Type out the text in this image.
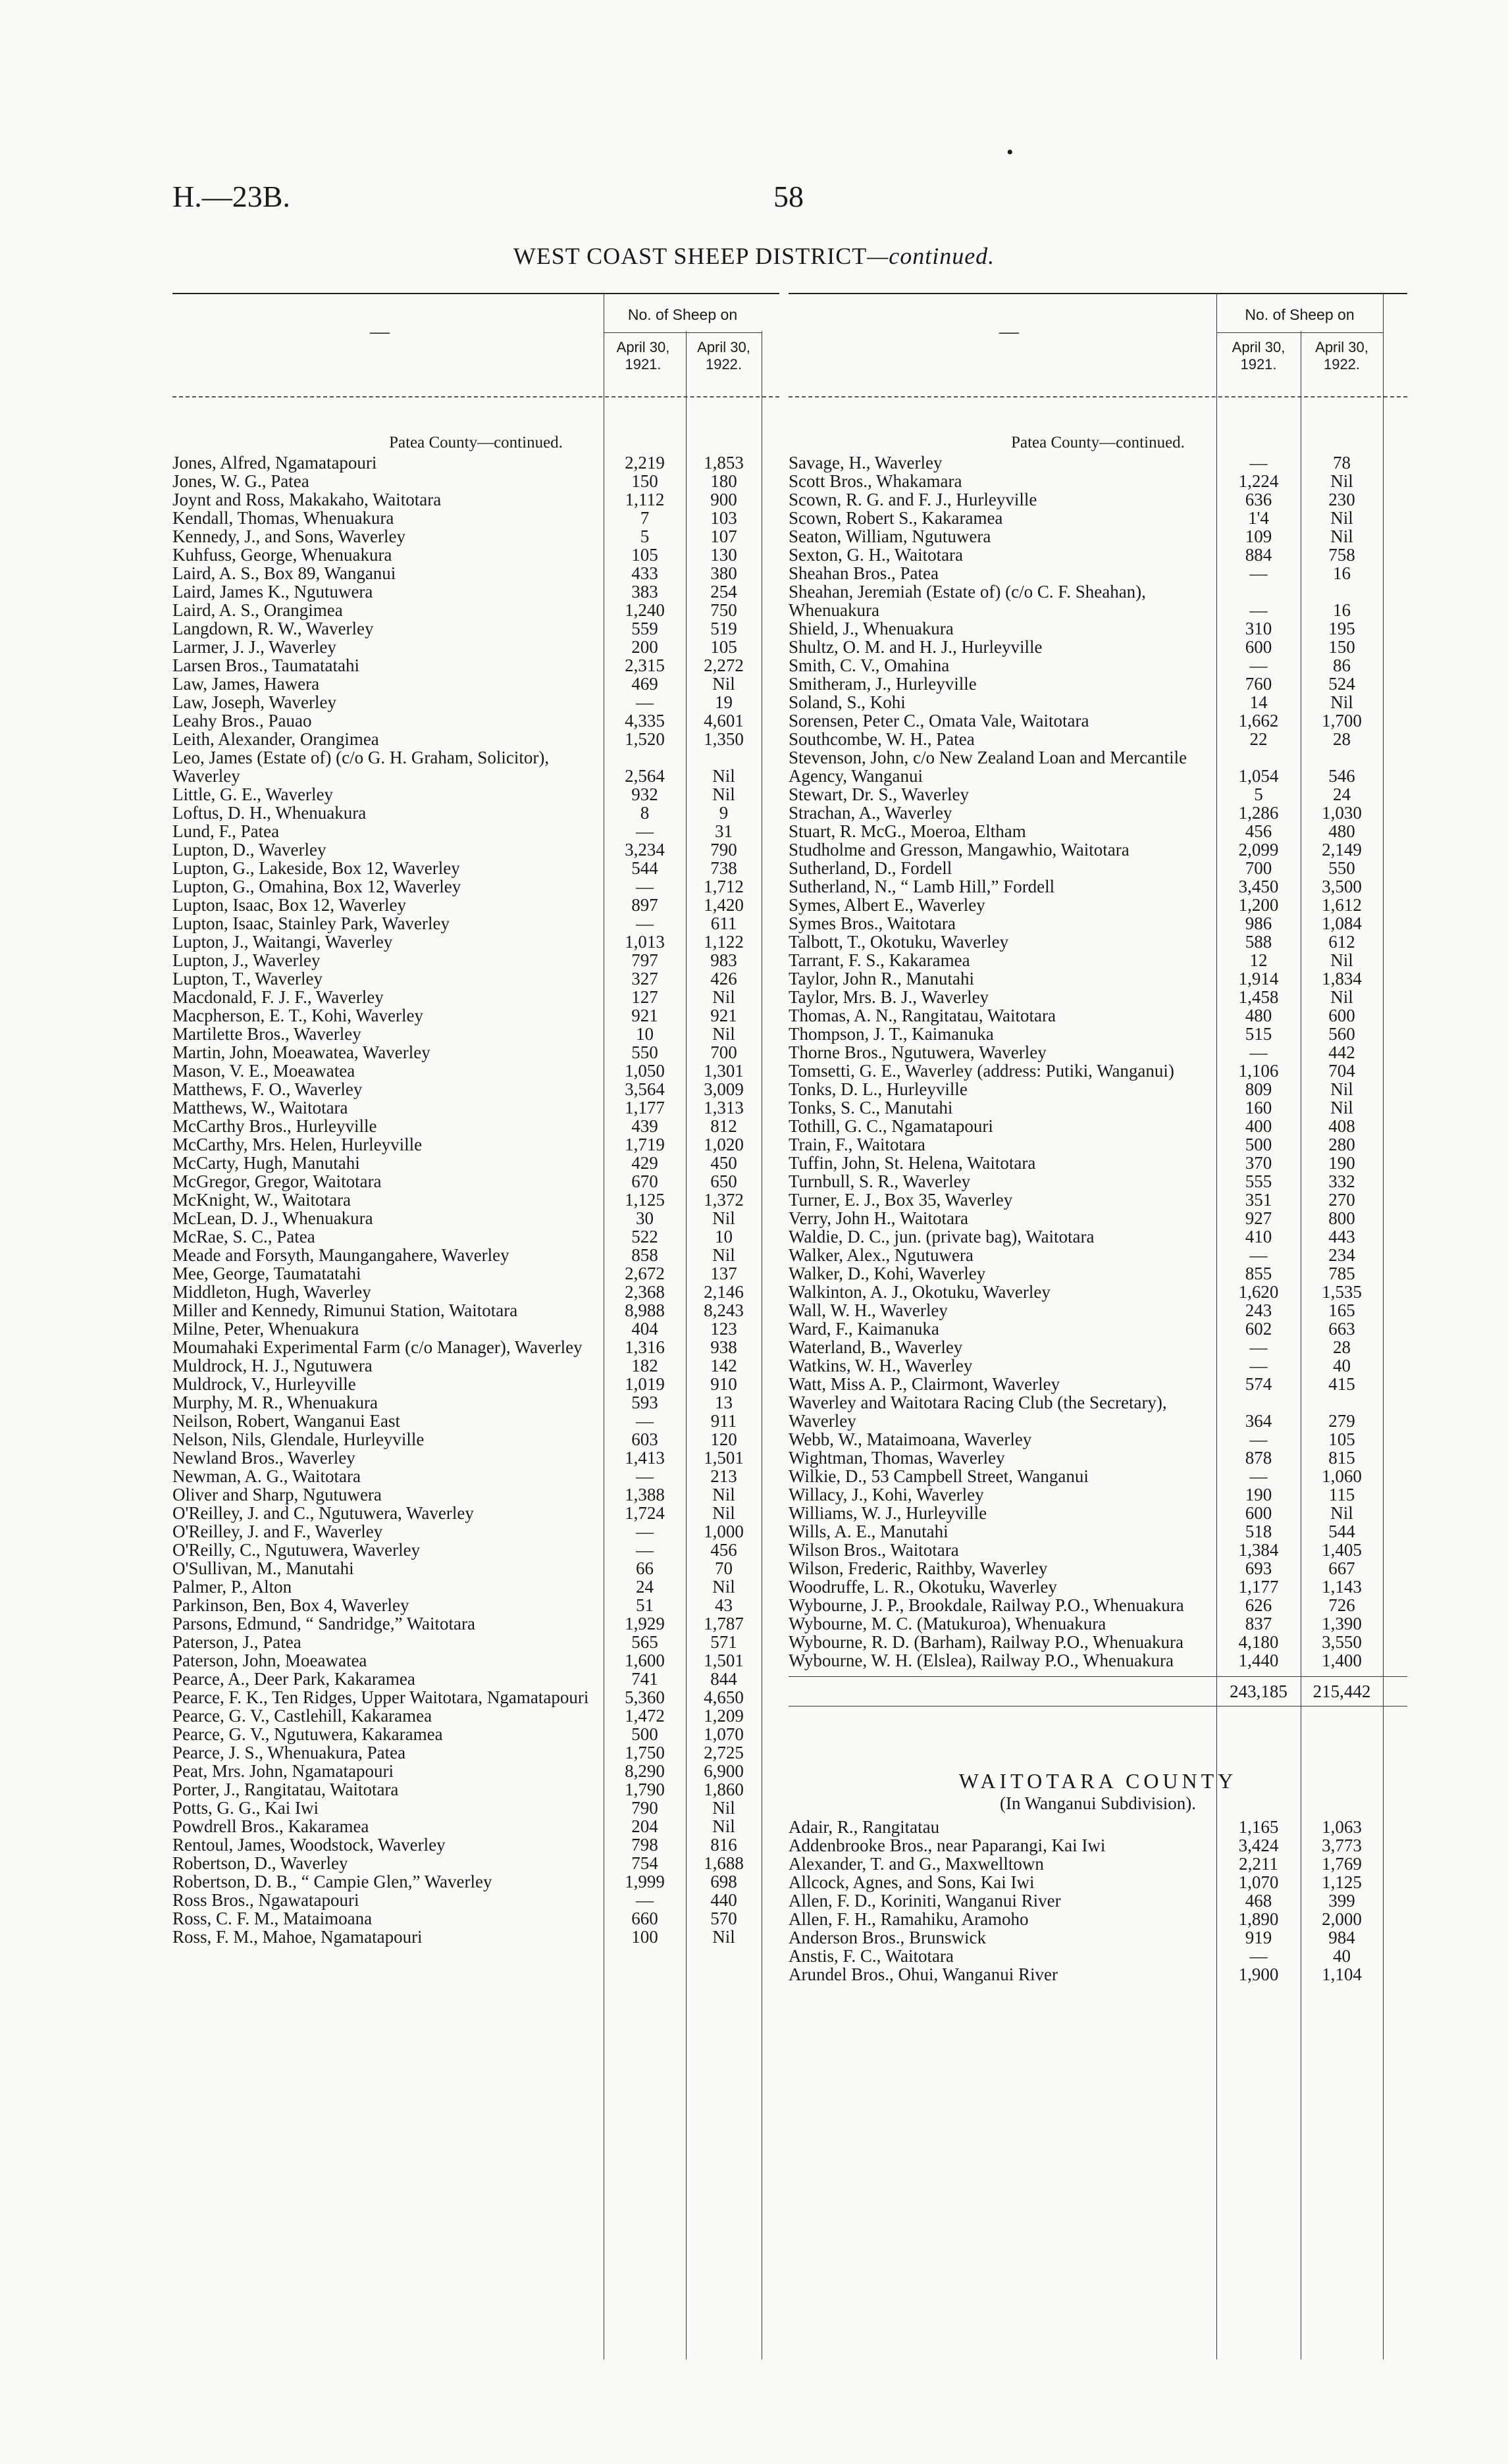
H.—23B.	58
•
WEST COAST SHEEP DISTRICT—continued.
—
No. of Sheep on
April 30, 1921.
April 30, 1922.
Patea County—continued.
Jones, Alfred, Ngamatapouri	2,219	1,853
Jones, W. G., Patea	150	180
Joynt and Ross, Makakaho, Waitotara	1,112	900
Kendall, Thomas, Whenuakura	7	103
Kennedy, J., and Sons, Waverley	5	107
Kuhfuss, George, Whenuakura	105	130
Laird, A. S., Box 89, Wanganui	433	380
Laird, James K., Ngutuwera	383	254
Laird, A. S., Orangimea	1,240	750
Langdown, R. W., Waverley	559	519
Larmer, J. J., Waverley	200	105
Larsen Bros., Taumatatahi	2,315	2,272
Law, James, Hawera	469	Nil
Law, Joseph, Waverley	—	19
Leahy Bros., Pauao	4,335	4,601
Leith, Alexander, Orangimea	1,520	1,350
Leo, James (Estate of) (c/o G. H. Graham, Solicitor), Waverley	2,564	Nil
Little, G. E., Waverley	932	Nil
Loftus, D. H., Whenuakura	8	9
Lund, F., Patea	—	31
Lupton, D., Waverley	3,234	790
Lupton, G., Lakeside, Box 12, Waverley	544	738
Lupton, G., Omahina, Box 12, Waverley	—	1,712
Lupton, Isaac, Box 12, Waverley	897	1,420
Lupton, Isaac, Stainley Park, Waverley	—	611
Lupton, J., Waitangi, Waverley	1,013	1,122
Lupton, J., Waverley	797	983
Lupton, T., Waverley	327	426
Macdonald, F. J. F., Waverley	127	Nil
Macpherson, E. T., Kohi, Waverley	921	921
Martilette Bros., Waverley	10	Nil
Martin, John, Moeawatea, Waverley	550	700
Mason, V. E., Moeawatea	1,050	1,301
Matthews, F. O., Waverley	3,564	3,009
Matthews, W., Waitotara	1,177	1,313
McCarthy Bros., Hurleyville	439	812
McCarthy, Mrs. Helen, Hurleyville	1,719	1,020
McCarty, Hugh, Manutahi	429	450
McGregor, Gregor, Waitotara	670	650
McKnight, W., Waitotara	1,125	1,372
McLean, D. J., Whenuakura	30	Nil
McRae, S. C., Patea	522	10
Meade and Forsyth, Maungangahere, Waverley	858	Nil
Mee, George, Taumatatahi	2,672	137
Middleton, Hugh, Waverley	2,368	2,146
Miller and Kennedy, Rimunui Station, Waitotara	8,988	8,243
Milne, Peter, Whenuakura	404	123
Moumahaki Experimental Farm (c/o Manager), Waverley	1,316	938
Muldrock, H. J., Ngutuwera	182	142
Muldrock, V., Hurleyville	1,019	910
Murphy, M. R., Whenuakura	593	13
Neilson, Robert, Wanganui East	—	911
Nelson, Nils, Glendale, Hurleyville	603	120
Newland Bros., Waverley	1,413	1,501
Newman, A. G., Waitotara	—	213
Oliver and Sharp, Ngutuwera	1,388	Nil
O'Reilley, J. and C., Ngutuwera, Waverley	1,724	Nil
O'Reilley, J. and F., Waverley	—	1,000
O'Reilly, C., Ngutuwera, Waverley	—	456
O'Sullivan, M., Manutahi	66	70
Palmer, P., Alton	24	Nil
Parkinson, Ben, Box 4, Waverley	51	43
Parsons, Edmund, “ Sandridge,” Waitotara	1,929	1,787
Paterson, J., Patea	565	571
Paterson, John, Moeawatea	1,600	1,501
Pearce, A., Deer Park, Kakaramea	741	844
Pearce, F. K., Ten Ridges, Upper Waitotara, Ngamatapouri	5,360	4,650
Pearce, G. V., Castlehill, Kakaramea	1,472	1,209
Pearce, G. V., Ngutuwera, Kakaramea	500	1,070
Pearce, J. S., Whenuakura, Patea	1,750	2,725
Peat, Mrs. John, Ngamatapouri	8,290	6,900
Porter, J., Rangitatau, Waitotara	1,790	1,860
Potts, G. G., Kai Iwi	790	Nil
Powdrell Bros., Kakaramea	204	Nil
Rentoul, James, Woodstock, Waverley	798	816
Robertson, D., Waverley	754	1,688
Robertson, D. B., “ Campie Glen,” Waverley	1,999	698
Ross Bros., Ngawatapouri	—	440
Ross, C. F. M., Mataimoana	660	570
Ross, F. M., Mahoe, Ngamatapouri	100	Nil
—
No. of Sheep on
April 30, 1921.
April 30, 1922.
Patea County—continued.
Savage, H., Waverley	—	78
Scott Bros., Whakamara	1,224	Nil
Scown, R. G. and F. J., Hurleyville	636	230
Scown, Robert S., Kakaramea	1'4	Nil
Seaton, William, Ngutuwera	109	Nil
Sexton, G. H., Waitotara	884	758
Sheahan Bros., Patea	—	16
Sheahan, Jeremiah (Estate of) (c/o C. F. Sheahan), Whenuakura	—	16
Shield, J., Whenuakura	310	195
Shultz, O. M. and H. J., Hurleyville	600	150
Smith, C. V., Omahina	—	86
Smitheram, J., Hurleyville	760	524
Soland, S., Kohi	14	Nil
Sorensen, Peter C., Omata Vale, Waitotara	1,662	1,700
Southcombe, W. H., Patea	22	28
Stevenson, John, c/o New Zealand Loan and Mercantile Agency, Wanganui	1,054	546
Stewart, Dr. S., Waverley	5	24
Strachan, A., Waverley	1,286	1,030
Stuart, R. McG., Moeroa, Eltham	456	480
Studholme and Gresson, Mangawhio, Waitotara	2,099	2,149
Sutherland, D., Fordell	700	550
Sutherland, N., “ Lamb Hill,” Fordell	3,450	3,500
Symes, Albert E., Waverley	1,200	1,612
Symes Bros., Waitotara	986	1,084
Talbott, T., Okotuku, Waverley	588	612
Tarrant, F. S., Kakaramea	12	Nil
Taylor, John R., Manutahi	1,914	1,834
Taylor, Mrs. B. J., Waverley	1,458	Nil
Thomas, A. N., Rangitatau, Waitotara	480	600
Thompson, J. T., Kaimanuka	515	560
Thorne Bros., Ngutuwera, Waverley	—	442
Tomsetti, G. E., Waverley (address: Putiki, Wanganui)	1,106	704
Tonks, D. L., Hurleyville	809	Nil
Tonks, S. C., Manutahi	160	Nil
Tothill, G. C., Ngamatapouri	400	408
Train, F., Waitotara	500	280
Tuffin, John, St. Helena, Waitotara	370	190
Turnbull, S. R., Waverley	555	332
Turner, E. J., Box 35, Waverley	351	270
Verry, John H., Waitotara	927	800
Waldie, D. C., jun. (private bag), Waitotara	410	443
Walker, Alex., Ngutuwera	—	234
Walker, D., Kohi, Waverley	855	785
Walkinton, A. J., Okotuku, Waverley	1,620	1,535
Wall, W. H., Waverley	243	165
Ward, F., Kaimanuka	602	663
Waterland, B., Waverley	—	28
Watkins, W. H., Waverley	—	40
Watt, Miss A. P., Clairmont, Waverley	574	415
Waverley and Waitotara Racing Club (the Secretary), Waverley	364	279
Webb, W., Mataimoana, Waverley	—	105
Wightman, Thomas, Waverley	878	815
Wilkie, D., 53 Campbell Street, Wanganui	—	1,060
Willacy, J., Kohi, Waverley	190	115
Williams, W. J., Hurleyville	600	Nil
Wills, A. E., Manutahi	518	544
Wilson Bros., Waitotara	1,384	1,405
Wilson, Frederic, Raithby, Waverley	693	667
Woodruffe, L. R., Okotuku, Waverley	1,177	1,143
Wybourne, J. P., Brookdale, Railway P.O., Whenuakura	626	726
Wybourne, M. C. (Matukuroa), Whenuakura	837	1,390
Wybourne, R. D. (Barham), Railway P.O., Whenuakura	4,180	3,550
Wybourne, W. H. (Elslea), Railway P.O., Whenuakura	1,440	1,400
243,185	215,442
WAITOTARA COUNTY
(In Wanganui Subdivision).
Adair, R., Rangitatau	1,165	1,063
Addenbrooke Bros., near Paparangi, Kai Iwi	3,424	3,773
Alexander, T. and G., Maxwelltown	2,211	1,769
Allcock, Agnes, and Sons, Kai Iwi	1,070	1,125
Allen, F. D., Koriniti, Wanganui River	468	399
Allen, F. H., Ramahiku, Aramoho	1,890	2,000
Anderson Bros., Brunswick	919	984
Anstis, F. C., Waitotara	—	40
Arundel Bros., Ohui, Wanganui River	1,900	1,104
